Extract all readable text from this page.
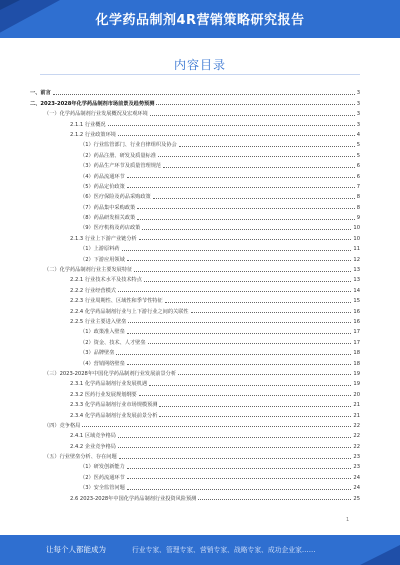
化学药品制剂4R营销策略研究报告
内容目录
一、前言	3
二、2023-2028年化学药品制剂市场前景及趋势预测	3
（一）化学药品制剂行业发展概况及宏观环境	3
2.1.1 行业概况	3
2.1.2 行业政策环境	4
（1）行业监管部门、行业自律组织及协会	5
（2）药品注册、研发及质量标准	5
（3）药品生产环节及质量管理规范	6
（4）药品流通环节	6
（5）药品定价政策	7
（6）医疗保险及药品采购政策	8
（7）药品集中采购政策	8
（8）药品研发相关政策	9
（9）医疗机构及药店政策	10
2.1.3 行业上下游产业链分析	10
（1）上游原料药	11
（2）下游应用领域	12
（二）化学药品制剂行业主要发展特征	13
2.2.1 行业技术水平及技术特点	13
2.2.2 行业经营模式	14
2.2.3 行业周期性、区域性和季节性特征	15
2.2.4 化学药品制剂行业与上下游行业之间的关联性	16
2.2.5 行业主要进入壁垒	16
（1）政策准入壁垒	17
（2）资金、技术、人才壁垒	17
（3）品牌壁垒	18
（4）营销网络壁垒	18
（三）2023-2028年中国化学药品制剂行业发展前景分析	19
2.3.1 化学药品制剂行业发展机遇	19
2.3.2 医药行业发展规划纲要	20
2.3.3 化学药品制剂行业市场规模预测	21
2.3.4 化学药品制剂行业发展前景分析	21
（四）竞争格局	22
2.4.1 区域竞争格局	22
2.4.2 企业竞争格局	22
（五）行业壁垒分析、存在问题	23
（1）研发创新能力	23
（2）医药流通环节	24
（3）安全监管问题	24
2.6 2023-2028年中国化学药品制剂行业投资风险预测	25
1
让每个人都能成为	行业专家、管理专家、营销专家、战略专家、成功企业家……
